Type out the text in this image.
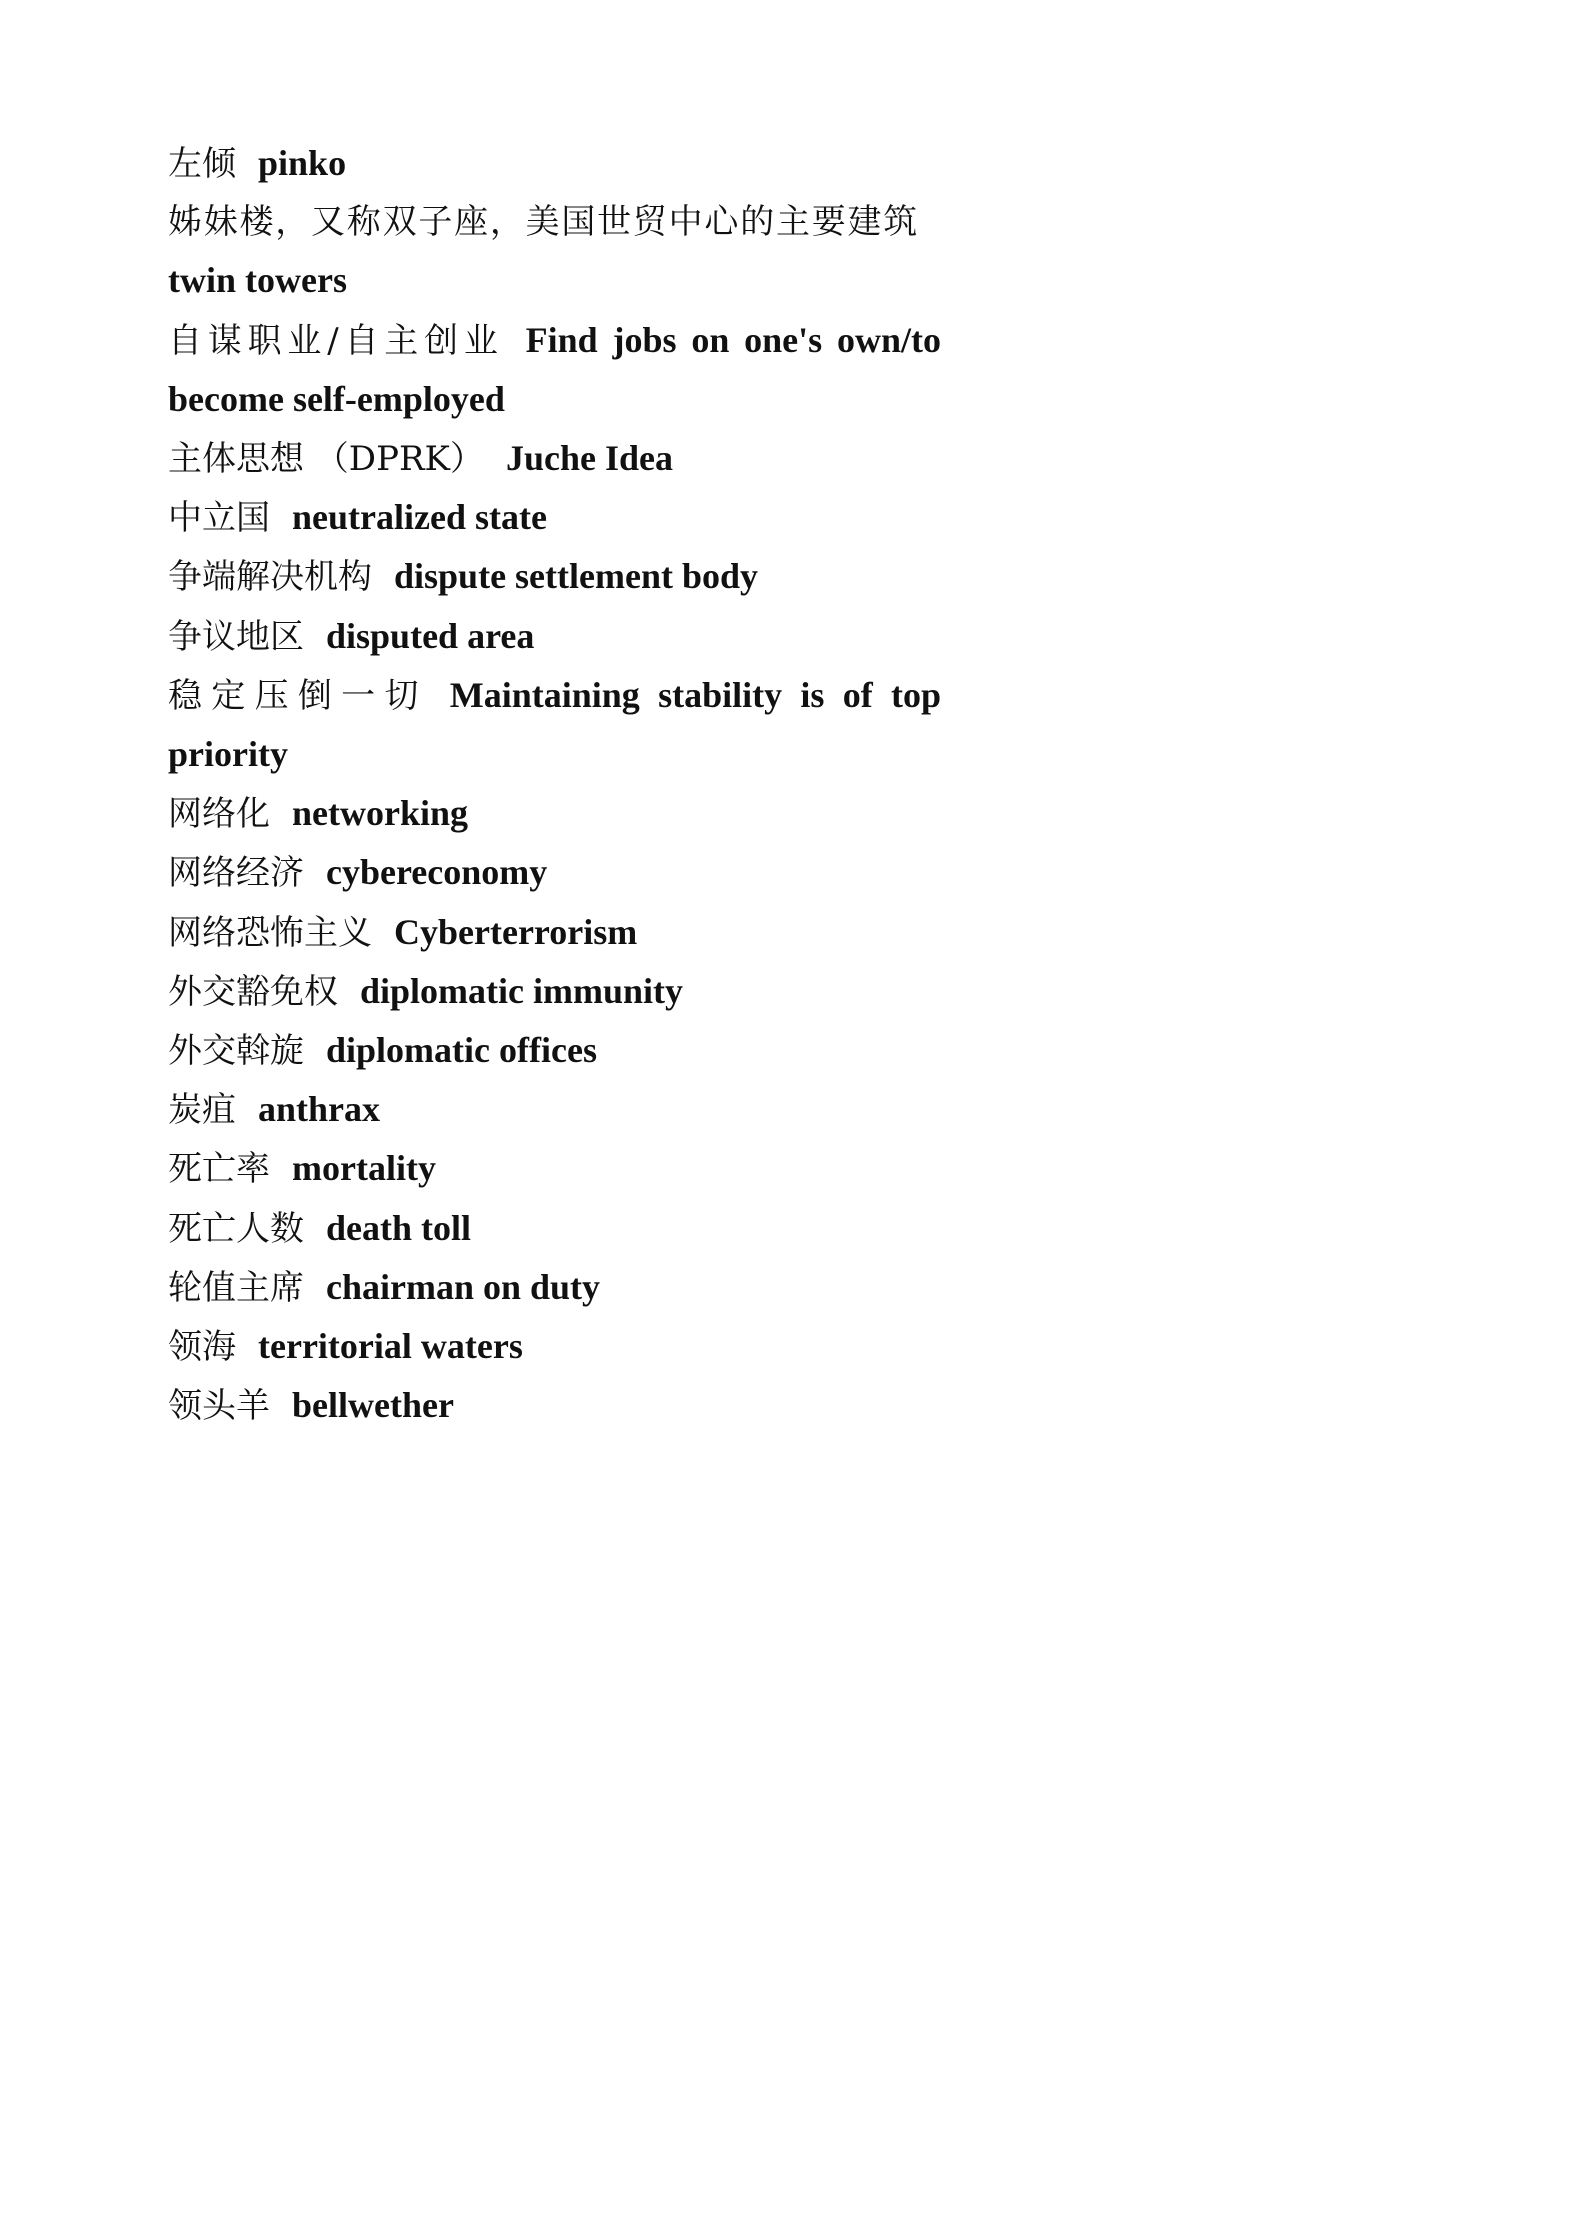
左倾 pinko
姊妹楼，又称双子座，美国世贸中心的主要建筑twin towers
自谋职业/自主创业 Find jobs on one's own/to become self-employed
主体思想 （DPRK） Juche Idea
中立国 neutralized state
争端解决机构 dispute settlement body
争议地区 disputed area
稳定压倒一切 Maintaining stability is of top priority
网络化 networking
网络经济 cybereconomy
网络恐怖主义 Cyberterrorism
外交豁免权 diplomatic immunity
外交斡旋 diplomatic offices
炭疽 anthrax
死亡率 mortality
死亡人数 death toll
轮值主席 chairman on duty
领海 territorial waters
领头羊 bellwether
